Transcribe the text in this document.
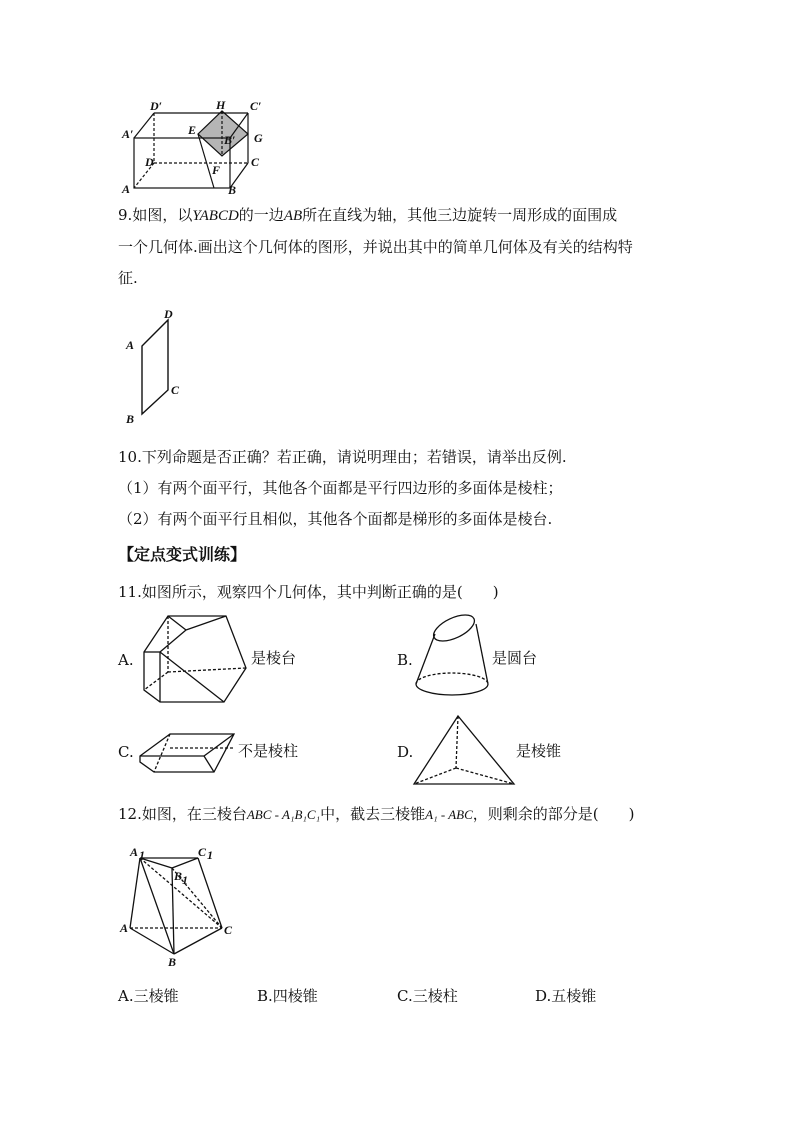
D′	H C′
A′	E
B′ G
D	C
F
A	B
9.如图，以YABCD的一边AB所在直线为轴，其他三边旋转一周形成的面围成
一个几何体.画出这个几何体的图形，并说出其中的简单几何体及有关的结构特
征.
D
A
C
B
10.下列命题是否正确？若正确，请说明理由；若错误，请举出反例.
（1）有两个面平行，其他各个面都是平行四边形的多面体是棱柱；
（2）有两个面平行且相似，其他各个面都是梯形的多面体是棱台.
【定点变式训练】
11.如图所示，观察四个几何体，其中判断正确的是(　　)
A.	是棱台	B.	是圆台
C.	不是棱柱	D.	是棱锥
12.如图，在三棱台ABC - A₁B₁C₁中，截去三棱锥A₁ - ABC，则剩余的部分是(　　)
A 1	C 1
B 1
A	C
B
A.三棱锥	B.四棱锥	C.三棱柱	D.五棱锥
